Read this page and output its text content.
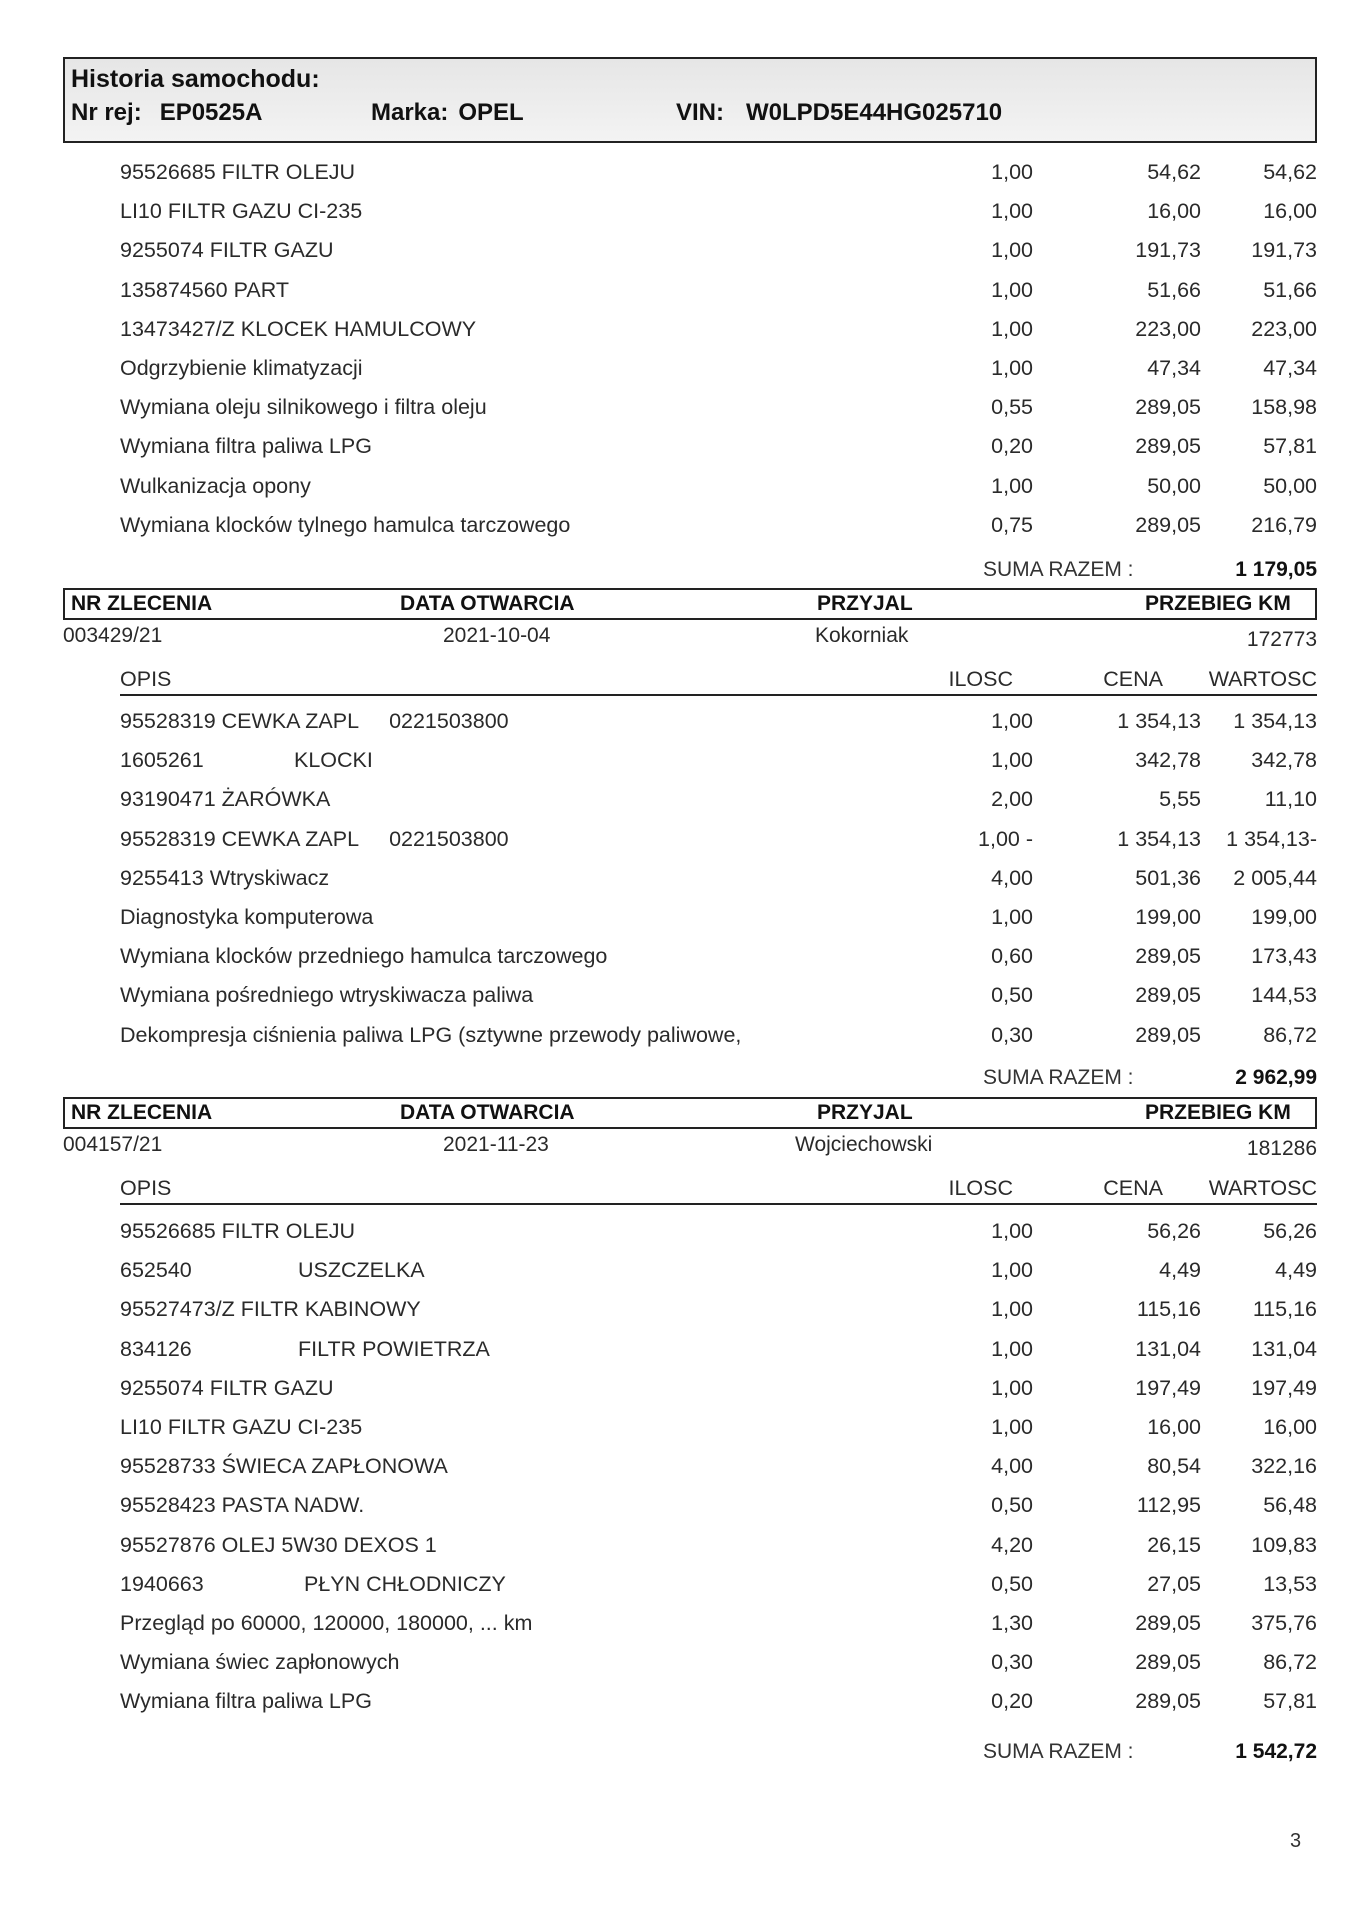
Historia samochodu:
Nr rej: EP0525A	Marka: OPEL	VIN: W0LPD5E44HG025710
95526685 FILTR OLEJU	1,00	54,62	54,62
LI10 FILTR GAZU CI-235	1,00	16,00	16,00
9255074 FILTR GAZU	1,00	191,73	191,73
135874560 PART	1,00	51,66	51,66
13473427/Z KLOCEK HAMULCOWY	1,00	223,00	223,00
Odgrzybienie klimatyzacji	1,00	47,34	47,34
Wymiana oleju silnikowego i filtra oleju	0,55	289,05	158,98
Wymiana filtra paliwa LPG	0,20	289,05	57,81
Wulkanizacja opony	1,00	50,00	50,00
Wymiana klocków tylnego hamulca tarczowego	0,75	289,05	216,79
SUMA RAZEM :	1 179,05
NR ZLECENIA	DATA OTWARCIA	PRZYJAL	PRZEBIEG KM
003429/21	2021-10-04	Kokorniak	172773
OPIS	ILOSC	CENA	WARTOSC
95528319 CEWKA ZAPL 0221503800	1,00	1 354,13	1 354,13
1605261	KLOCKI	1,00	342,78	342,78
93190471 ŻARÓWKA	2,00	5,55	11,10
95528319 CEWKA ZAPL 0221503800	1,00 -	1 354,13	1 354,13-
9255413 Wtryskiwacz	4,00	501,36	2 005,44
Diagnostyka komputerowa	1,00	199,00	199,00
Wymiana klocków przedniego hamulca tarczowego	0,60	289,05	173,43
Wymiana pośredniego wtryskiwacza paliwa	0,50	289,05	144,53
Dekompresja ciśnienia paliwa LPG (sztywne przewody paliwowe,	0,30	289,05	86,72
SUMA RAZEM :	2 962,99
NR ZLECENIA	DATA OTWARCIA	PRZYJAL	PRZEBIEG KM
004157/21	2021-11-23	Wojciechowski	181286
OPIS	ILOSC	CENA	WARTOSC
95526685 FILTR OLEJU	1,00	56,26	56,26
652540	USZCZELKA	1,00	4,49	4,49
95527473/Z FILTR KABINOWY	1,00	115,16	115,16
834126	FILTR POWIETRZA	1,00	131,04	131,04
9255074 FILTR GAZU	1,00	197,49	197,49
LI10 FILTR GAZU CI-235	1,00	16,00	16,00
95528733 ŚWIECA ZAPŁONOWA	4,00	80,54	322,16
95528423 PASTA NADW.	0,50	112,95	56,48
95527876 OLEJ 5W30 DEXOS 1	4,20	26,15	109,83
1940663	PŁYN CHŁODNICZY	0,50	27,05	13,53
Przegląd po 60000, 120000, 180000, ... km	1,30	289,05	375,76
Wymiana świec zapłonowych	0,30	289,05	86,72
Wymiana filtra paliwa LPG	0,20	289,05	57,81
SUMA RAZEM :	1 542,72
3
